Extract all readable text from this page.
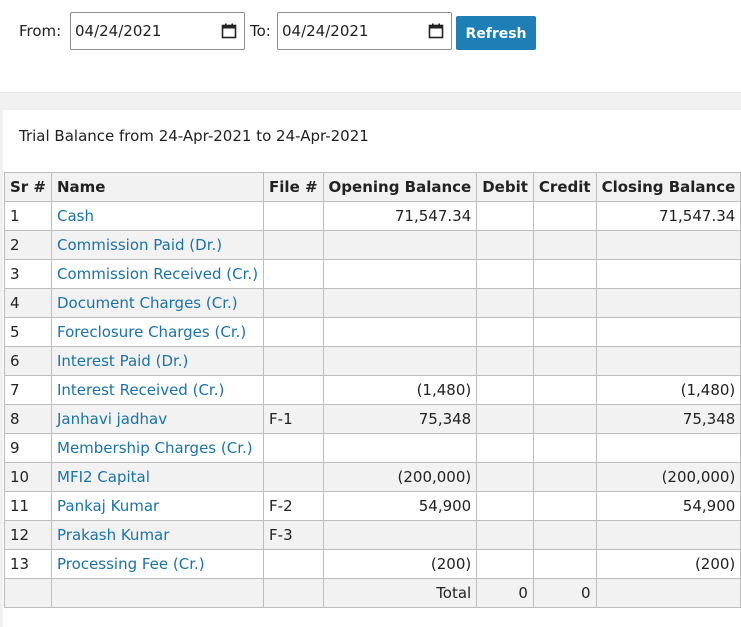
From: 04/24/2021	To: 04/24/2021	Refresh
Trial Balance from 24-Apr-2021 to 24-Apr-2021
Sr #	Name	File #	Opening Balance	Debit	Credit	Closing Balance
1	Cash		71,547.34			71,547.34
2	Commission Paid (Dr.)					
3	Commission Received (Cr.)					
4	Document Charges (Cr.)					
5	Foreclosure Charges (Cr.)					
6	Interest Paid (Dr.)					
7	Interest Received (Cr.)		(1,480)			(1,480)
8	Janhavi jadhav	F-1	75,348			75,348
9	Membership Charges (Cr.)					
10	MFI2 Capital		(200,000)			(200,000)
11	Pankaj Kumar	F-2	54,900			54,900
12	Prakash Kumar	F-3				
13	Processing Fee (Cr.)		(200)			(200)
			Total	0	0	
